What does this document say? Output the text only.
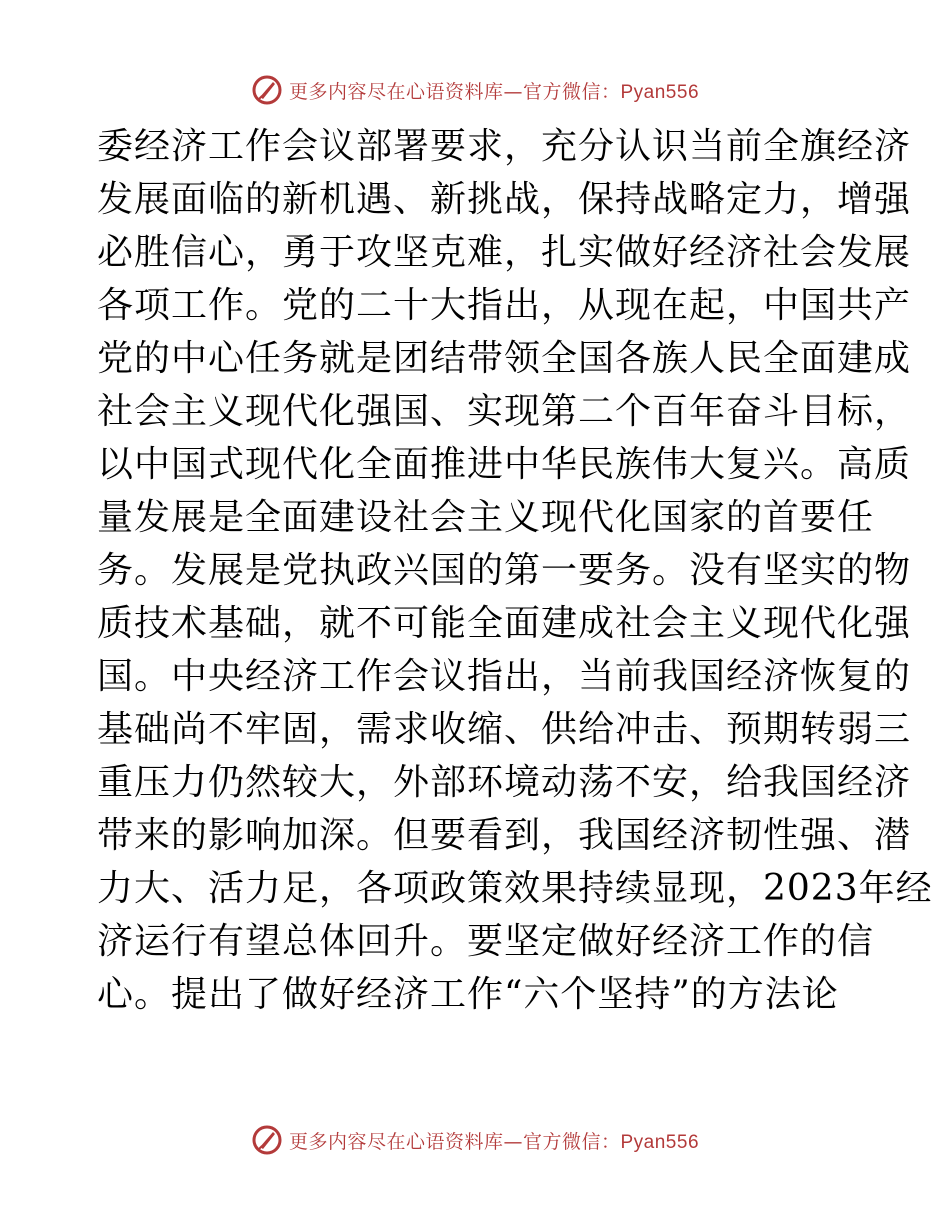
更多内容尽在心语资料库—官方微信：Pyan556
委经济工作会议部署要求，充分认识当前全旗经济
发展面临的新机遇、新挑战，保持战略定力，增强
必胜信心，勇于攻坚克难，扎实做好经济社会发展
各项工作。党的二十大指出，从现在起，中国共产
党的中心任务就是团结带领全国各族人民全面建成
社会主义现代化强国、实现第二个百年奋斗目标，
以中国式现代化全面推进中华民族伟大复兴。高质
量发展是全面建设社会主义现代化国家的首要任
务。发展是党执政兴国的第一要务。没有坚实的物
质技术基础，就不可能全面建成社会主义现代化强
国。中央经济工作会议指出，当前我国经济恢复的
基础尚不牢固，需求收缩、供给冲击、预期转弱三
重压力仍然较大，外部环境动荡不安，给我国经济
带来的影响加深。但要看到，我国经济韧性强、潜
力大、活力足，各项政策效果持续显现，2023年经
济运行有望总体回升。要坚定做好经济工作的信
心。提出了做好经济工作“六个坚持”的方法论
更多内容尽在心语资料库—官方微信：Pyan556
